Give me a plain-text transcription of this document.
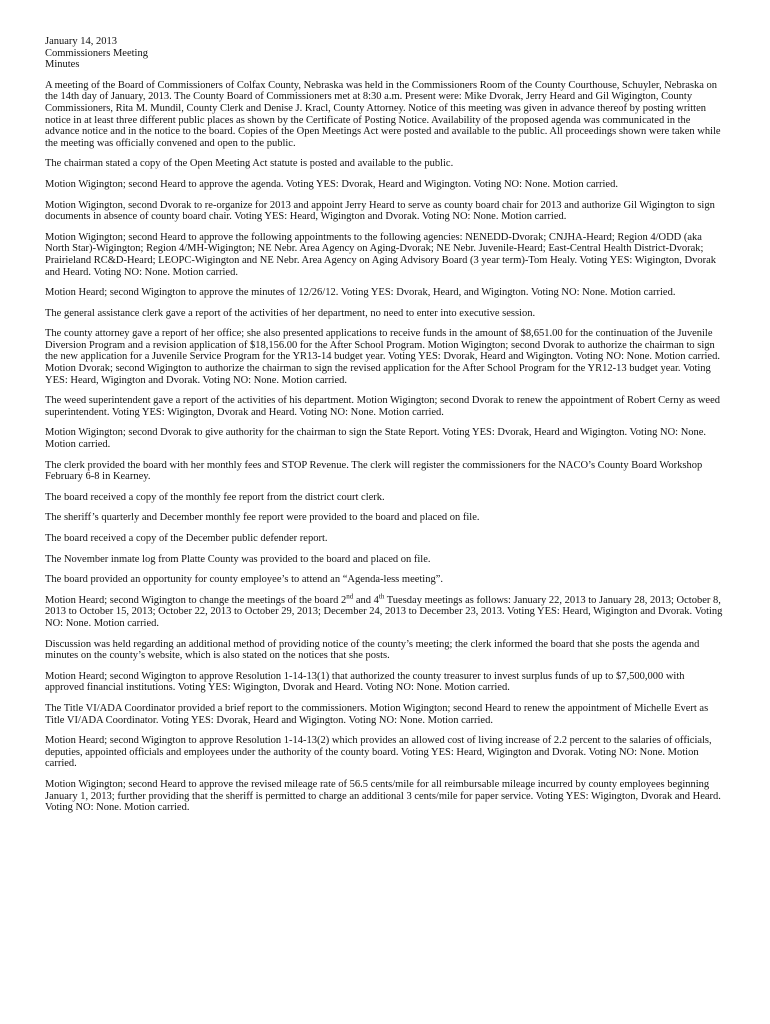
January 14, 2013

Commissioners Meeting

Minutes

A meeting of the Board of Commissioners of Colfax County, Nebraska was held in the Commissioners Room of the County Courthouse, Schuyler, Nebraska on the 14th day of January, 2013. The County Board of Commissioners met at 8:30 a.m. Present were: Mike Dvorak, Jerry Heard and Gil Wigington, County Commissioners, Rita M. Mundil, County Clerk and Denise J. Kracl, County Attorney. Notice of this meeting was given in advance thereof by posting written notice in at least three different public places as shown by the Certificate of Posting Notice. Availability of the proposed agenda was communicated in the advance notice and in the notice to the board. Copies of the Open Meetings Act were posted and available to the public. All proceedings shown were taken while the meeting was officially convened and open to the public.

The chairman stated a copy of the Open Meeting Act statute is posted and available to the public.

Motion Wigington; second Heard to approve the agenda. Voting YES: Dvorak, Heard and Wigington. Voting NO: None. Motion carried.

Motion Wigington, second Dvorak to re-organize for 2013 and appoint Jerry Heard to serve as county board chair for 2013 and authorize Gil Wigington to sign documents in absence of county board chair. Voting YES: Heard, Wigington and Dvorak. Voting NO: None. Motion carried.

Motion Wigington; second Heard to approve the following appointments to the following agencies: NENEDD-Dvorak; CNJHA-Heard; Region 4/ODD (aka North Star)-Wigington; Region 4/MH-Wigington; NE Nebr. Area Agency on Aging-Dvorak; NE Nebr. Juvenile-Heard; East-Central Health District-Dvorak; Prairieland RC&D-Heard; LEOPC-Wigington and NE Nebr. Area Agency on Aging Advisory Board (3 year term)-Tom Healy. Voting YES: Wigington, Dvorak and Heard. Voting NO: None. Motion carried.

Motion Heard; second Wigington to approve the minutes of 12/26/12. Voting YES: Dvorak, Heard, and Wigington. Voting NO: None. Motion carried.

The general assistance clerk gave a report of the activities of her department, no need to enter into executive session.

The county attorney gave a report of her office; she also presented applications to receive funds in the amount of $8,651.00 for the continuation of the Juvenile Diversion Program and a revision application of $18,156.00 for the After School Program. Motion Wigington; second Dvorak to authorize the chairman to sign the new application for a Juvenile Service Program for the YR13-14 budget year. Voting YES: Dvorak, Heard and Wigington. Voting NO: None. Motion carried. Motion Dvorak; second Wigington to authorize the chairman to sign the revised application for the After School Program for the YR12-13 budget year. Voting YES: Heard, Wigington and Dvorak. Voting NO: None. Motion carried.

The weed superintendent gave a report of the activities of his department. Motion Wigington; second Dvorak to renew the appointment of Robert Cerny as weed superintendent. Voting YES: Wigington, Dvorak and Heard. Voting NO: None. Motion carried.

Motion Wigington; second Dvorak to give authority for the chairman to sign the State Report. Voting YES: Dvorak, Heard and Wigington. Voting NO: None. Motion carried.

The clerk provided the board with her monthly fees and STOP Revenue. The clerk will register the commissioners for the NACO’s County Board Workshop February 6-8 in Kearney.

The board received a copy of the monthly fee report from the district court clerk.

The sheriff’s quarterly and December monthly fee report were provided to the board and placed on file.

The board received a copy of the December public defender report.

The November inmate log from Platte County was provided to the board and placed on file.

The board provided an opportunity for county employee’s to attend an “Agenda-less meeting”.

Motion Heard; second Wigington to change the meetings of the board 2nd and 4th Tuesday meetings as follows: January 22, 2013 to January 28, 2013; October 8, 2013 to October 15, 2013; October 22, 2013 to October 29, 2013; December 24, 2013 to December 23, 2013. Voting YES: Heard, Wigington and Dvorak. Voting NO: None. Motion carried.

Discussion was held regarding an additional method of providing notice of the county’s meeting; the clerk informed the board that she posts the agenda and minutes on the county’s website, which is also stated on the notices that she posts.

Motion Heard; second Wigington to approve Resolution 1-14-13(1) that authorized the county treasurer to invest surplus funds of up to $7,500,000 with approved financial institutions. Voting YES: Wigington, Dvorak and Heard. Voting NO: None. Motion carried.

The Title VI/ADA Coordinator provided a brief report to the commissioners. Motion Wigington; second Heard to renew the appointment of Michelle Evert as Title VI/ADA Coordinator. Voting YES: Dvorak, Heard and Wigington. Voting NO: None. Motion carried.

Motion Heard; second Wigington to approve Resolution 1-14-13(2) which provides an allowed cost of living increase of 2.2 percent to the salaries of officials, deputies, appointed officials and employees under the authority of the county board. Voting YES: Heard, Wigington and Dvorak. Voting NO: None. Motion carried.

Motion Wigington; second Heard to approve the revised mileage rate of 56.5 cents/mile for all reimbursable mileage incurred by county employees beginning January 1, 2013; further providing that the sheriff is permitted to charge an additional 3 cents/mile for paper service. Voting YES: Wigington, Dvorak and Heard. Voting NO: None. Motion carried.
